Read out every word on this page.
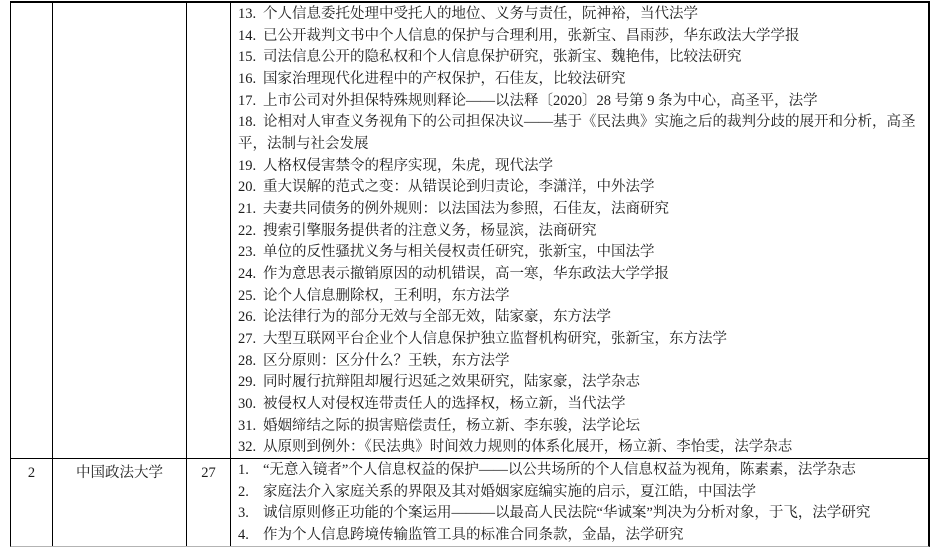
13. 个人信息委托处理中受托人的地位、义务与责任，阮神裕，当代法学
14. 已公开裁判文书中个人信息的保护与合理利用，张新宝、昌雨莎，华东政法大学学报
15. 司法信息公开的隐私权和个人信息保护研究，张新宝、魏艳伟，比较法研究
16. 国家治理现代化进程中的产权保护，石佳友，比较法研究
17. 上市公司对外担保特殊规则释论——以法释〔2020〕28 号第 9 条为中心，高圣平，法学
18. 论相对人审查义务视角下的公司担保决议——基于《民法典》实施之后的裁判分歧的展开和分析，高圣平，法制与社会发展
19. 人格权侵害禁令的程序实现，朱虎，现代法学
20. 重大误解的范式之变：从错误论到归责论，李潇洋，中外法学
21. 夫妻共同债务的例外规则：以法国法为参照，石佳友，法商研究
22. 搜索引擎服务提供者的注意义务，杨显滨，法商研究
23. 单位的反性骚扰义务与相关侵权责任研究，张新宝，中国法学
24. 作为意思表示撤销原因的动机错误，高一寒，华东政法大学学报
25. 论个人信息删除权，王利明，东方法学
26. 论法律行为的部分无效与全部无效，陆家豪，东方法学
27. 大型互联网平台企业个人信息保护独立监督机构研究，张新宝，东方法学
28. 区分原则：区分什么？王轶，东方法学
29. 同时履行抗辩阻却履行迟延之效果研究，陆家豪，法学杂志
30. 被侵权人对侵权连带责任人的选择权，杨立新，当代法学
31. 婚姻缔结之际的损害赔偿责任，杨立新、李东骏，法学论坛
32. 从原则到例外：《民法典》时间效力规则的体系化展开，杨立新、李怡雯，法学杂志
2	中国政法大学	27	1. “无意入镜者”个人信息权益的保护——以公共场所的个人信息权益为视角，陈素素，法学杂志
2. 家庭法介入家庭关系的界限及其对婚姻家庭编实施的启示，夏江皓，中国法学
3. 诚信原则修正功能的个案运用———以最高人民法院“华诚案”判决为分析对象，于飞，法学研究
4. 作为个人信息跨境传输监管工具的标准合同条款，金晶，法学研究
